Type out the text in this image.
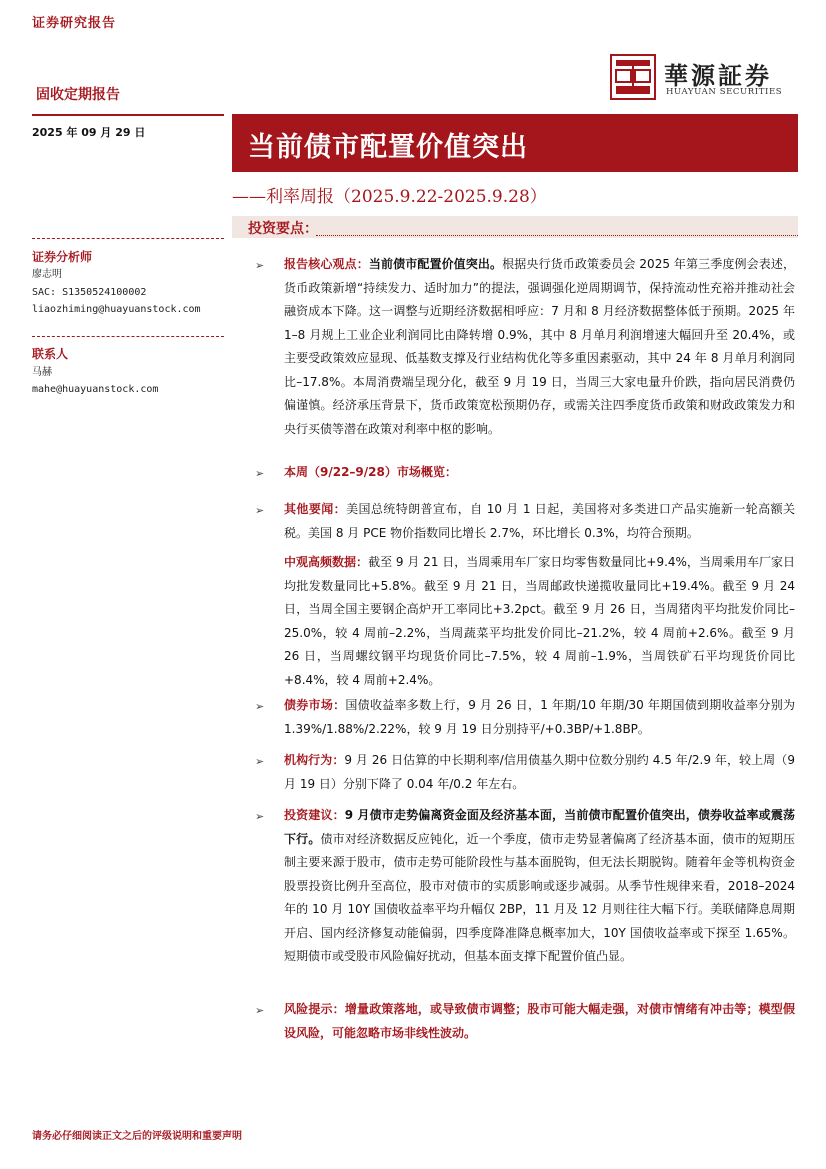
证券研究报告
華源証券
HUAYUAN SECURITIES
固收定期报告
2025 年 09 月 29 日	当前债市配置价值突出
——利率周报（2025.9.22-2025.9.28）
投资要点：
证券分析师
廖志明
SAC: S1350524100002
liaozhiming@huayuanstock.com
联系人
马赫
mahe@huayuanstock.com
➢ 报告核心观点：当前债市配置价值突出。根据央行货币政策委员会 2025 年第三季度例会表述，货币政策新增“持续发力、适时加力”的提法，强调强化逆周期调节，保持流动性充裕并推动社会融资成本下降。这一调整与近期经济数据相呼应：7 月和 8 月经济数据整体低于预期。2025 年 1–8 月规上工业企业利润同比由降转增 0.9%，其中 8 月单月利润增速大幅回升至 20.4%，或主要受政策效应显现、低基数支撑及行业结构优化等多重因素驱动，其中 24 年 8 月单月利润同比–17.8%。本周消费端呈现分化，截至 9 月 19 日，当周三大家电量升价跌，指向居民消费仍偏谨慎。经济承压背景下，货币政策宽松预期仍存，或需关注四季度货币政策和财政政策发力和央行买债等潜在政策对利率中枢的影响。
➢ 本周（9/22–9/28）市场概览：
➢ 其他要闻：美国总统特朗普宣布，自 10 月 1 日起，美国将对多类进口产品实施新一轮高额关税。美国 8 月 PCE 物价指数同比增长 2.7%，环比增长 0.3%，均符合预期。
中观高频数据：截至 9 月 21 日，当周乘用车厂家日均零售数量同比+9.4%，当周乘用车厂家日均批发数量同比+5.8%。截至 9 月 21 日，当周邮政快递揽收量同比+19.4%。截至 9 月 24 日，当周全国主要钢企高炉开工率同比+3.2pct。截至 9 月 26 日，当周猪肉平均批发价同比–25.0%，较 4 周前–2.2%，当周蔬菜平均批发价同比–21.2%，较 4 周前+2.6%。截至 9 月 26 日，当周螺纹钢平均现货价同比–7.5%，较 4 周前–1.9%，当周铁矿石平均现货价同比+8.4%，较 4 周前+2.4%。
➢ 债券市场：国债收益率多数上行，9 月 26 日，1 年期/10 年期/30 年期国债到期收益率分别为 1.39%/1.88%/2.22%，较 9 月 19 日分别持平/+0.3BP/+1.8BP。
➢ 机构行为：9 月 26 日估算的中长期利率/信用债基久期中位数分别约 4.5 年/2.9 年，较上周（9 月 19 日）分别下降了 0.04 年/0.2 年左右。
➢ 投资建议：9 月债市走势偏离资金面及经济基本面，当前债市配置价值突出，债券收益率或震荡下行。债市对经济数据反应钝化，近一个季度，债市走势显著偏离了经济基本面，债市的短期压制主要来源于股市，债市走势可能阶段性与基本面脱钩，但无法长期脱钩。随着年金等机构资金股票投资比例升至高位，股市对债市的实质影响或逐步减弱。从季节性规律来看，2018–2024 年的 10 月 10Y 国债收益率平均升幅仅 2BP，11 月及 12 月则往往大幅下行。美联储降息周期开启、国内经济修复动能偏弱，四季度降准降息概率加大，10Y 国债收益率或下探至 1.65%。短期债市或受股市风险偏好扰动，但基本面支撑下配置价值凸显。
➢ 风险提示：增量政策落地，或导致债市调整；股市可能大幅走强，对债市情绪有冲击等；模型假设风险，可能忽略市场非线性波动。
请务必仔细阅读正文之后的评级说明和重要声明
